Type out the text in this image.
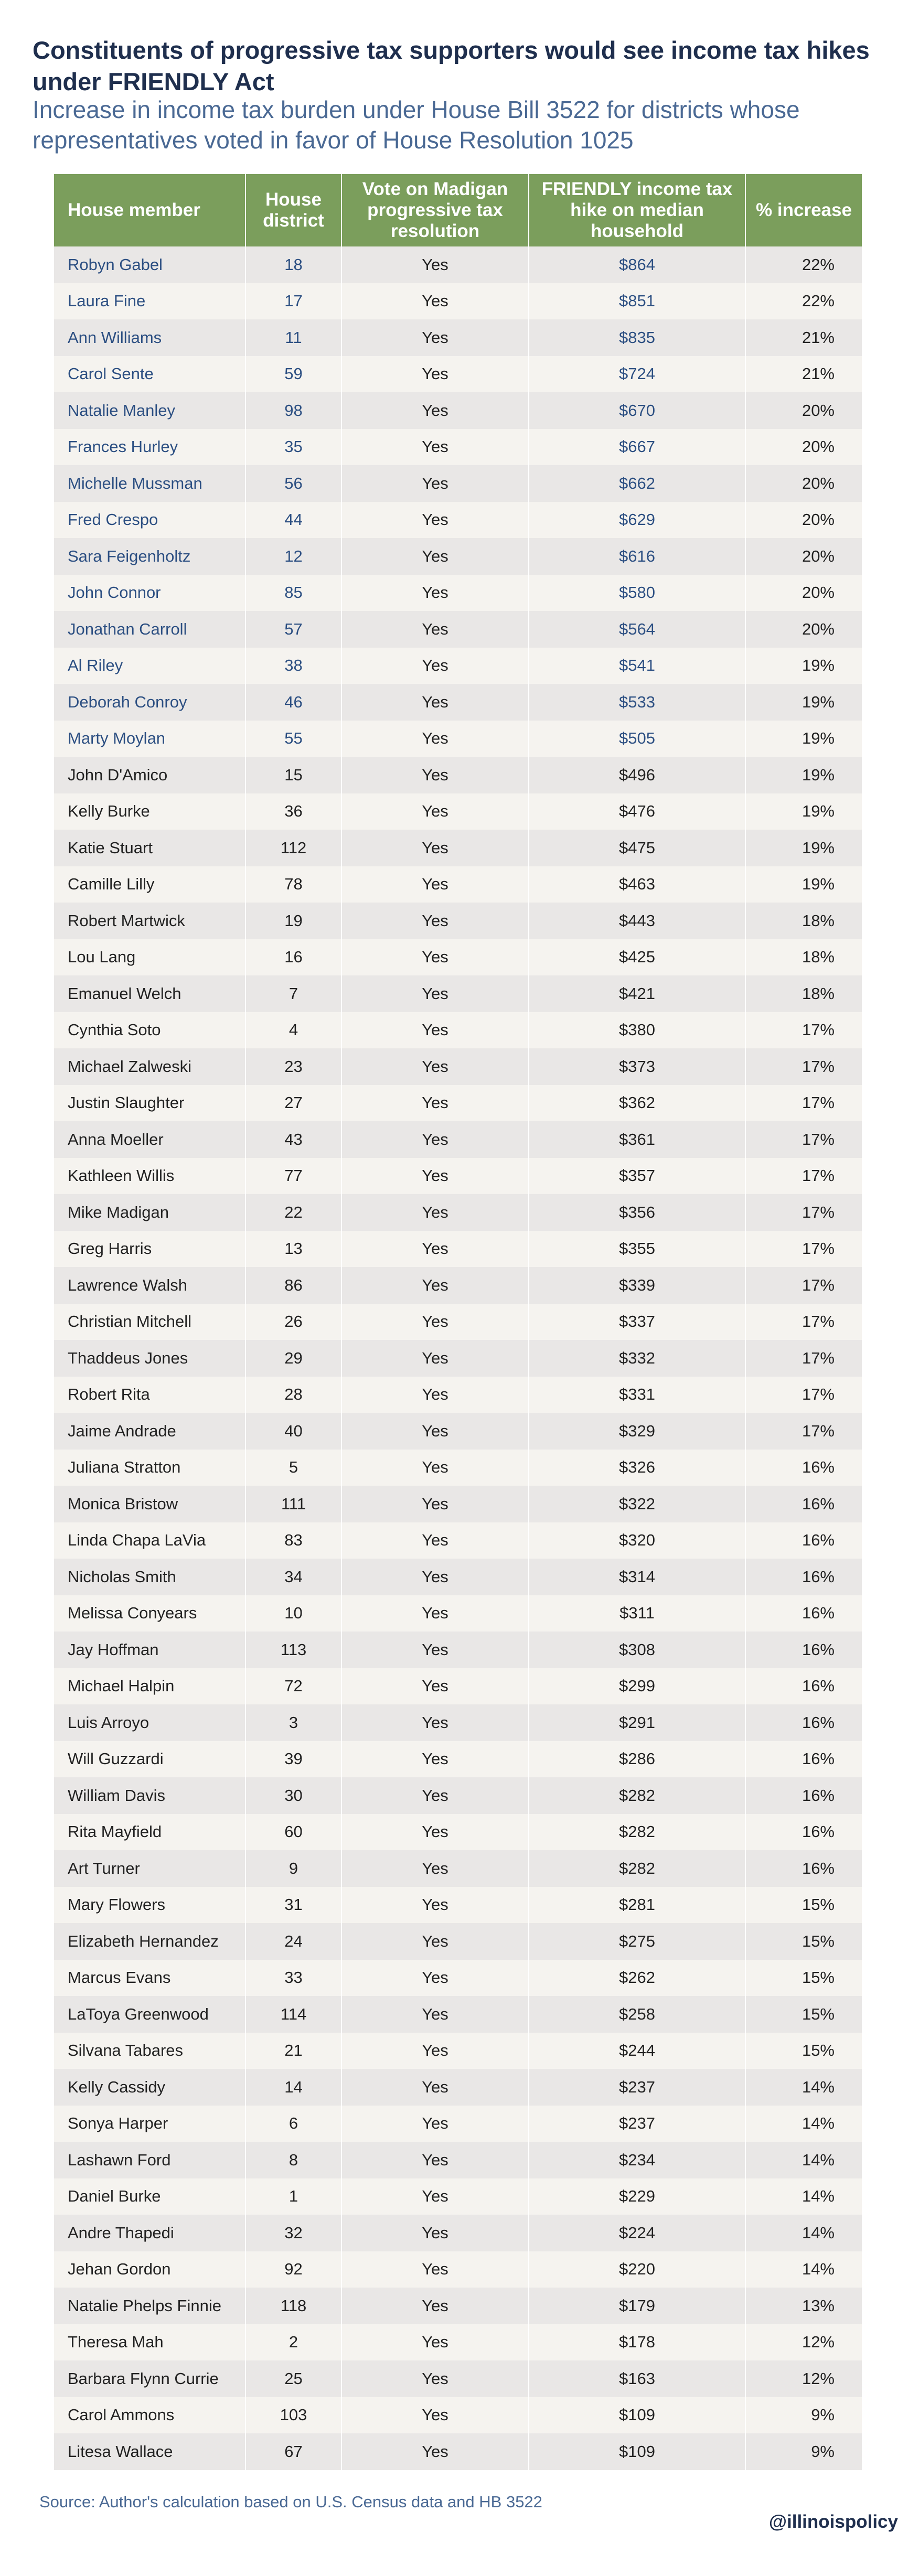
Constituents of progressive tax supporters would see income tax hikes under FRIENDLY Act

Increase in income tax burden under House Bill 3522 for districts whose representatives voted in favor of House Resolution 1025

House member	House district	Vote on Madigan progressive tax resolution	FRIENDLY income tax hike on median household	% increase
Robyn Gabel	18	Yes	$864	22%
Laura Fine	17	Yes	$851	22%
Ann Williams	11	Yes	$835	21%
Carol Sente	59	Yes	$724	21%
Natalie Manley	98	Yes	$670	20%
Frances Hurley	35	Yes	$667	20%
Michelle Mussman	56	Yes	$662	20%
Fred Crespo	44	Yes	$629	20%
Sara Feigenholtz	12	Yes	$616	20%
John Connor	85	Yes	$580	20%
Jonathan Carroll	57	Yes	$564	20%
Al Riley	38	Yes	$541	19%
Deborah Conroy	46	Yes	$533	19%
Marty Moylan	55	Yes	$505	19%
John D'Amico	15	Yes	$496	19%
Kelly Burke	36	Yes	$476	19%
Katie Stuart	112	Yes	$475	19%
Camille Lilly	78	Yes	$463	19%
Robert Martwick	19	Yes	$443	18%
Lou Lang	16	Yes	$425	18%
Emanuel Welch	7	Yes	$421	18%
Cynthia Soto	4	Yes	$380	17%
Michael Zalweski	23	Yes	$373	17%
Justin Slaughter	27	Yes	$362	17%
Anna Moeller	43	Yes	$361	17%
Kathleen Willis	77	Yes	$357	17%
Mike Madigan	22	Yes	$356	17%
Greg Harris	13	Yes	$355	17%
Lawrence Walsh	86	Yes	$339	17%
Christian Mitchell	26	Yes	$337	17%
Thaddeus Jones	29	Yes	$332	17%
Robert Rita	28	Yes	$331	17%
Jaime Andrade	40	Yes	$329	17%
Juliana Stratton	5	Yes	$326	16%
Monica Bristow	111	Yes	$322	16%
Linda Chapa LaVia	83	Yes	$320	16%
Nicholas Smith	34	Yes	$314	16%
Melissa Conyears	10	Yes	$311	16%
Jay Hoffman	113	Yes	$308	16%
Michael Halpin	72	Yes	$299	16%
Luis Arroyo	3	Yes	$291	16%
Will Guzzardi	39	Yes	$286	16%
William Davis	30	Yes	$282	16%
Rita Mayfield	60	Yes	$282	16%
Art Turner	9	Yes	$282	16%
Mary Flowers	31	Yes	$281	15%
Elizabeth Hernandez	24	Yes	$275	15%
Marcus Evans	33	Yes	$262	15%
LaToya Greenwood	114	Yes	$258	15%
Silvana Tabares	21	Yes	$244	15%
Kelly Cassidy	14	Yes	$237	14%
Sonya Harper	6	Yes	$237	14%
Lashawn Ford	8	Yes	$234	14%
Daniel Burke	1	Yes	$229	14%
Andre Thapedi	32	Yes	$224	14%
Jehan Gordon	92	Yes	$220	14%
Natalie Phelps Finnie	118	Yes	$179	13%
Theresa Mah	2	Yes	$178	12%
Barbara Flynn Currie	25	Yes	$163	12%
Carol Ammons	103	Yes	$109	9%
Litesa Wallace	67	Yes	$109	9%
Source: Author's calculation based on U.S. Census data and HB 3522
@illinoispolicy
